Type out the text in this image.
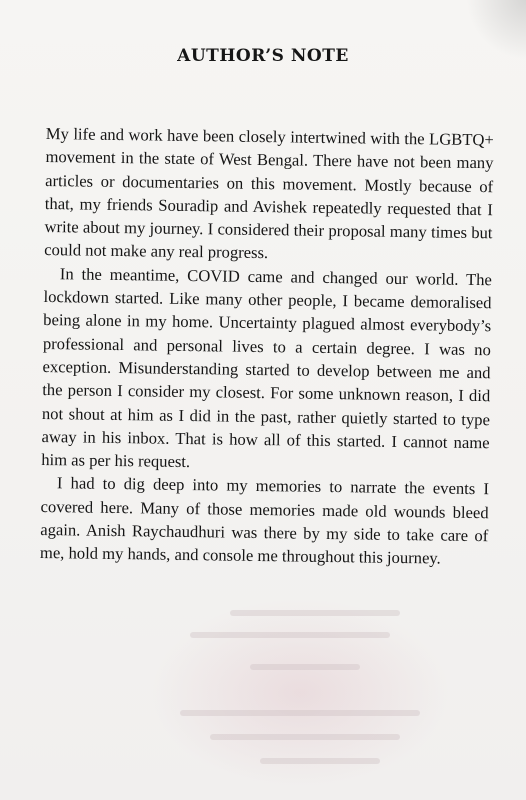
AUTHOR’S NOTE

My life and work have been closely intertwined with the LGBTQ+ movement in the state of West Bengal. There have not been many articles or documentaries on this movement. Mostly because of that, my friends Souradip and Avishek repeatedly requested that I write about my journey. I considered their proposal many times but could not make any real progress.

In the meantime, COVID came and changed our world. The lockdown started. Like many other people, I became demoralised being alone in my home. Uncertainty plagued almost everybody’s professional and personal lives to a certain degree. I was no exception. Misunderstanding started to develop between me and the person I consider my closest. For some unknown reason, I did not shout at him as I did in the past, rather quietly started to type away in his inbox. That is how all of this started. I cannot name him as per his request.

I had to dig deep into my memories to narrate the events I covered here. Many of those memories made old wounds bleed again. Anish Raychaudhuri was there by my side to take care of me, hold my hands, and console me throughout this journey.
